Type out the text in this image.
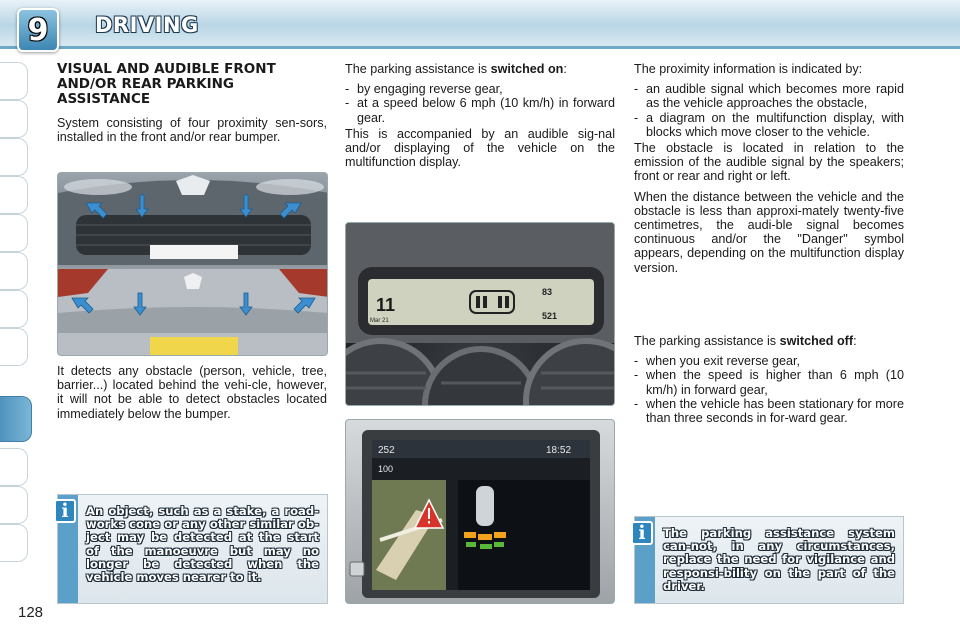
9	DRIVING
128
VISUAL AND AUDIBLE FRONT AND/OR REAR PARKING ASSISTANCE

System consisting of four proximity sen-sors, installed in the front and/or rear bumper.

It detects any obstacle (person, vehicle, tree, barrier...) located behind the vehi-cle, however, it will not be able to detect obstacles located immediately below the bumper.
i	An object, such as a stake, a road-works cone or any other similar ob-ject may be detected at the start of the manoeuvre but may no longer be detected when the vehicle moves nearer to it.

The parking assistance is switched on:

- by engaging reverse gear,
- at a speed below 6 mph (10 km/h) in forward gear.

This is accompanied by an audible sig-nal and/or displaying of the vehicle on the multifunction display.

11
Mar 21
83
521
252	18:52
100

The proximity information is indicated by:

- an audible signal which becomes more rapid as the vehicle approaches the obstacle,
- a diagram on the multifunction display, with blocks which move closer to the vehicle.

The obstacle is located in relation to the emission of the audible signal by the speakers; front or rear and right or left.

When the distance between the vehicle and the obstacle is less than approxi-mately twenty-five centimetres, the audi-ble signal becomes continuous and/or the "Danger" symbol appears, depending on the multifunction display version.

The parking assistance is switched off:

- when you exit reverse gear,
- when the speed is higher than 6 mph (10 km/h) in forward gear,
- when the vehicle has been stationary for more than three seconds in for-ward gear.
i	The parking assistance system can-not, in any circumstances, replace the need for vigilance and responsi-bility on the part of the driver.
